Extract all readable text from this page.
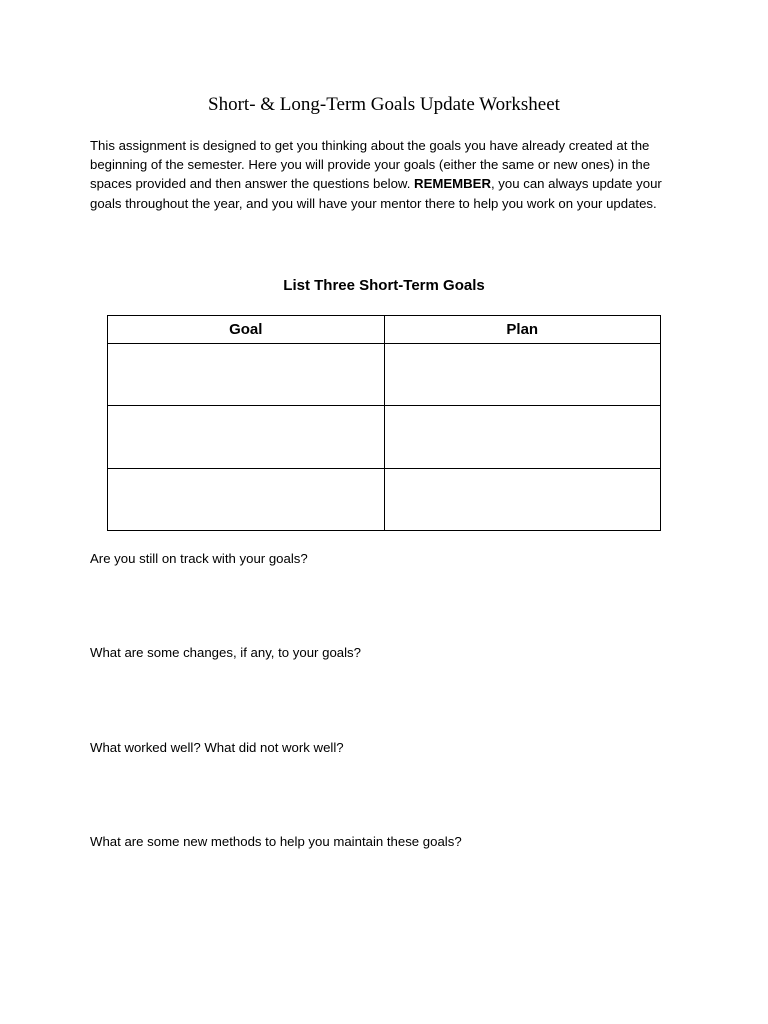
Short- & Long-Term Goals Update Worksheet

This assignment is designed to get you thinking about the goals you have already created at the beginning of the semester. Here you will provide your goals (either the same or new ones) in the spaces provided and then answer the questions below. REMEMBER, you can always update your goals throughout the year, and you will have your mentor there to help you work on your updates.

List Three Short-Term Goals
Goal	Plan

Are you still on track with your goals?

What are some changes, if any, to your goals?

What worked well? What did not work well?

What are some new methods to help you maintain these goals?
